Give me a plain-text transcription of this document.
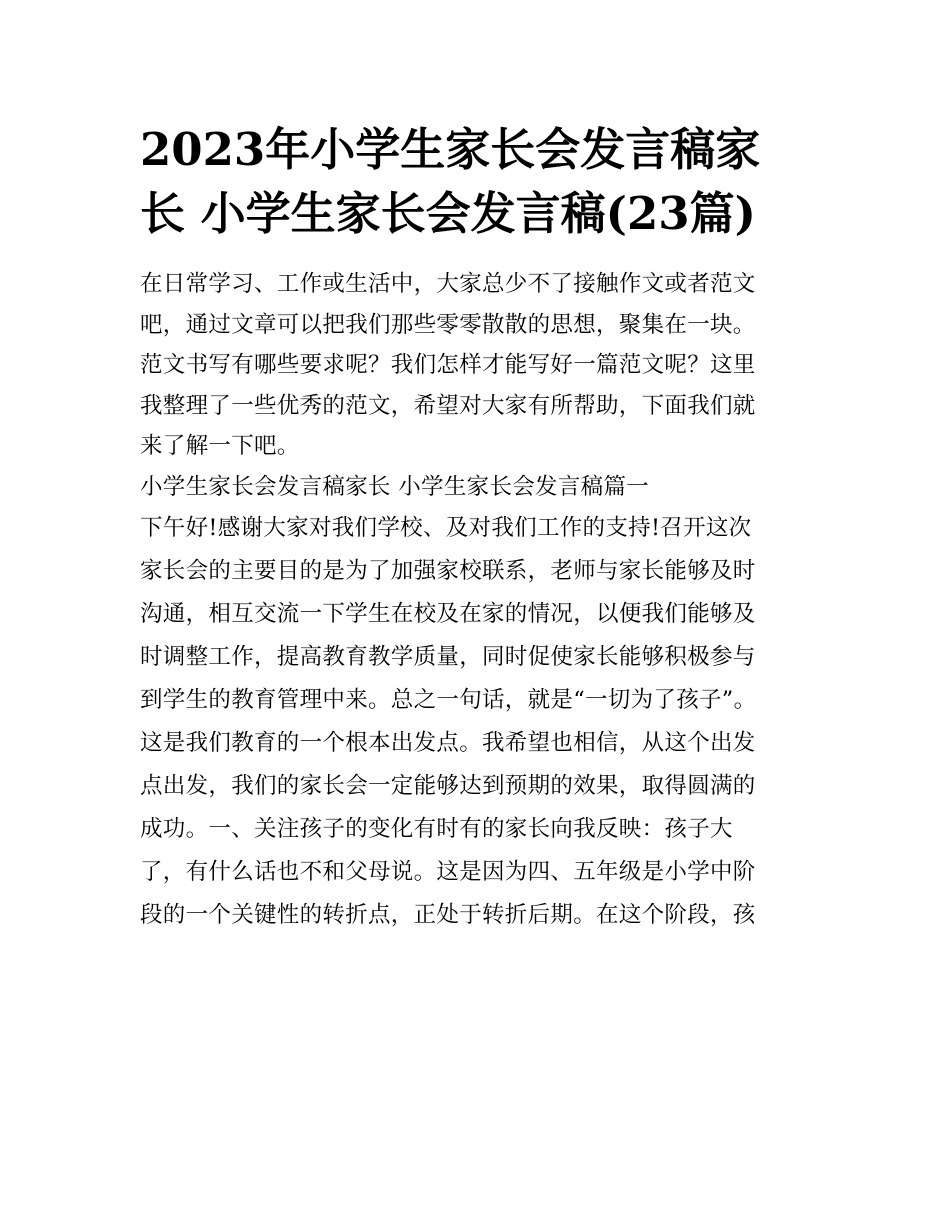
2023年小学生家长会发言稿家
长 小学生家长会发言稿(23篇)
在日常学习、工作或生活中，大家总少不了接触作文或者范文
吧，通过文章可以把我们那些零零散散的思想，聚集在一块。
范文书写有哪些要求呢？我们怎样才能写好一篇范文呢？这里
我整理了一些优秀的范文，希望对大家有所帮助，下面我们就
来了解一下吧。
小学生家长会发言稿家长 小学生家长会发言稿篇一
下午好!感谢大家对我们学校、及对我们工作的支持!召开这次
家长会的主要目的是为了加强家校联系，老师与家长能够及时
沟通，相互交流一下学生在校及在家的情况，以便我们能够及
时调整工作，提高教育教学质量，同时促使家长能够积极参与
到学生的教育管理中来。总之一句话，就是“一切为了孩子”。
这是我们教育的一个根本出发点。我希望也相信，从这个出发
点出发，我们的家长会一定能够达到预期的效果，取得圆满的
成功。一、关注孩子的变化有时有的家长向我反映：孩子大
了，有什么话也不和父母说。这是因为四、五年级是小学中阶
段的一个关键性的转折点，正处于转折后期。在这个阶段，孩
